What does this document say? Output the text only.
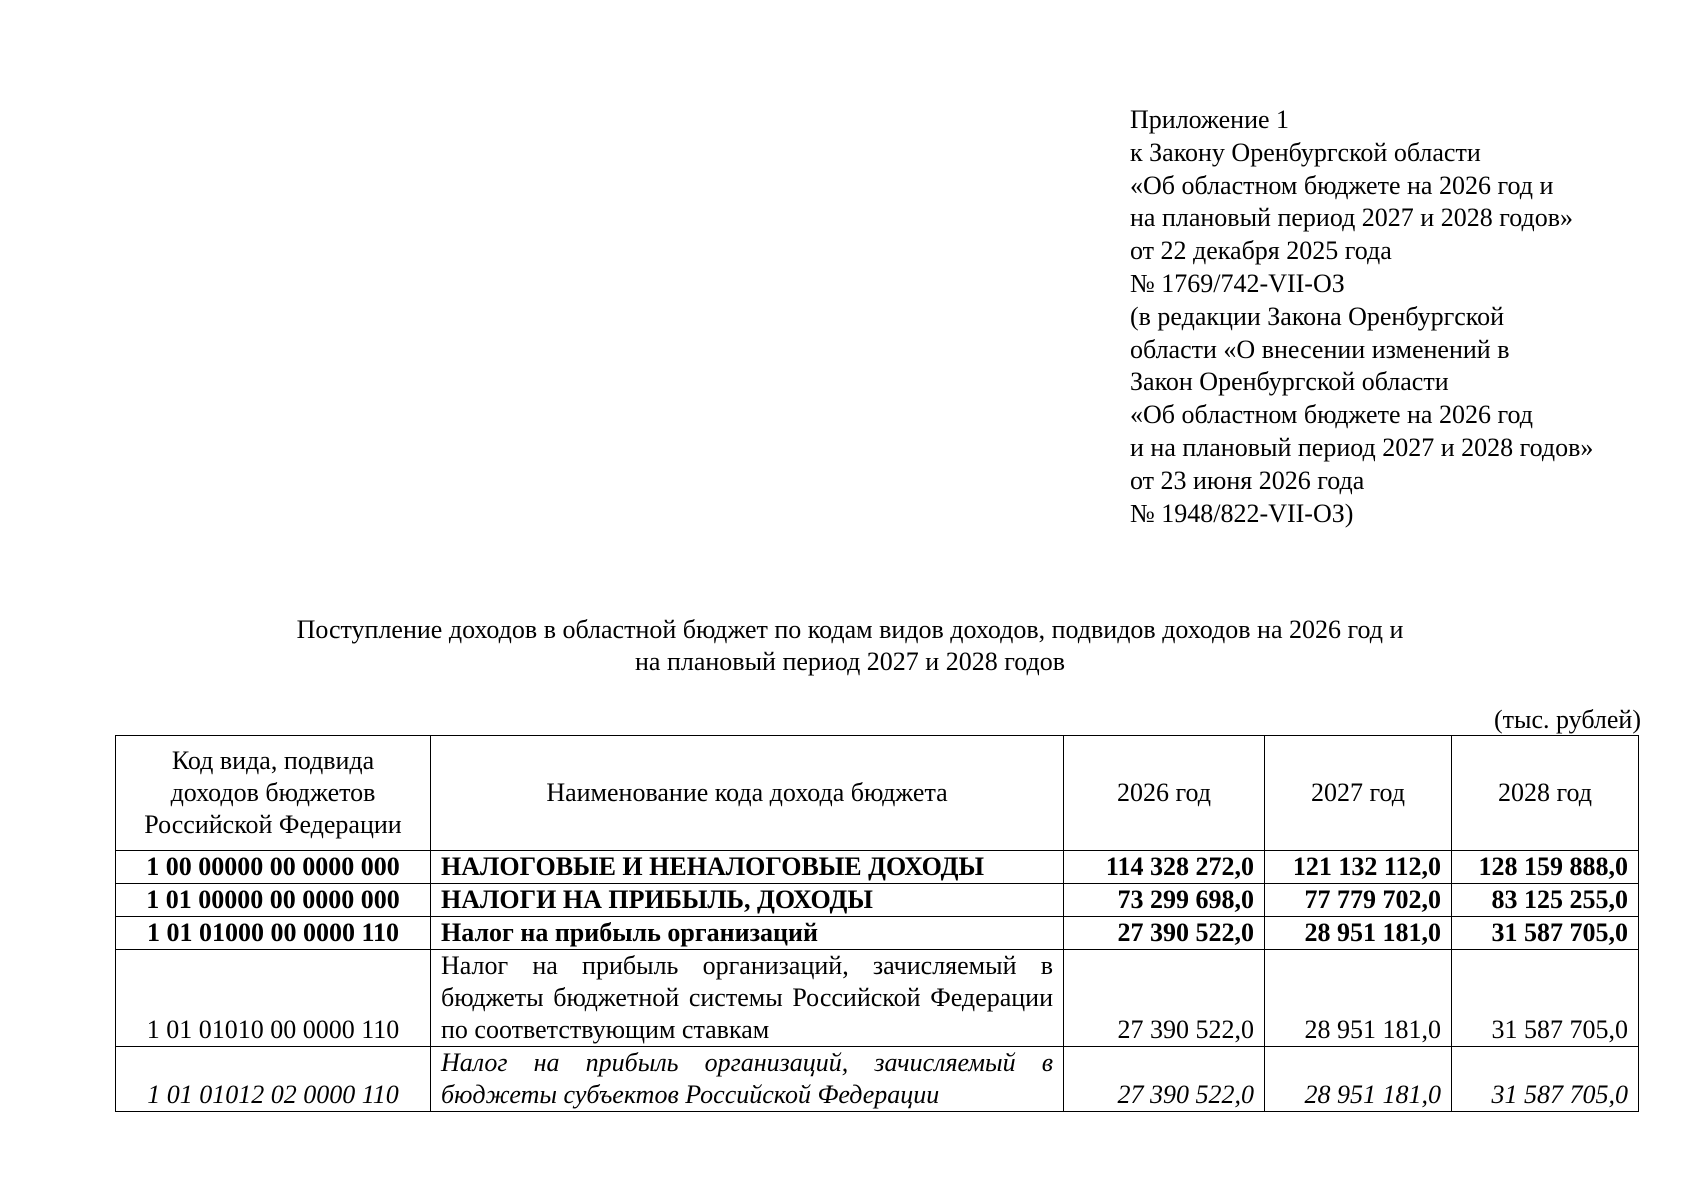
Приложение 1
к Закону Оренбургской области
«Об областном бюджете на 2026 год и
на плановый период 2027 и 2028 годов»
от 22 декабря 2025 года
№ 1769/742-VII-ОЗ
(в редакции Закона Оренбургской
области «О внесении изменений в
Закон Оренбургской области
«Об областном бюджете на 2026 год
и на плановый период 2027 и 2028 годов»
от 23 июня 2026 года
№ 1948/822-VII-ОЗ)
Поступление доходов в областной бюджет по кодам видов доходов, подвидов доходов на 2026 год и
на плановый период 2027 и 2028 годов
(тыс. рублей)
Код вида, подвида доходов бюджетов Российской Федерации	Наименование кода дохода бюджета	2026 год	2027 год	2028 год
1 00 00000 00 0000 000	НАЛОГОВЫЕ И НЕНАЛОГОВЫЕ ДОХОДЫ	114 328 272,0	121 132 112,0	128 159 888,0
1 01 00000 00 0000 000	НАЛОГИ НА ПРИБЫЛЬ, ДОХОДЫ	73 299 698,0	77 779 702,0	83 125 255,0
1 01 01000 00 0000 110	Налог на прибыль организаций	27 390 522,0	28 951 181,0	31 587 705,0
1 01 01010 00 0000 110	Налог на прибыль организаций, зачисляемый в бюджеты бюджетной системы Российской Федерации по соответствующим ставкам	27 390 522,0	28 951 181,0	31 587 705,0
1 01 01012 02 0000 110	Налог на прибыль организаций, зачисляемый в бюджеты субъектов Российской Федерации	27 390 522,0	28 951 181,0	31 587 705,0
